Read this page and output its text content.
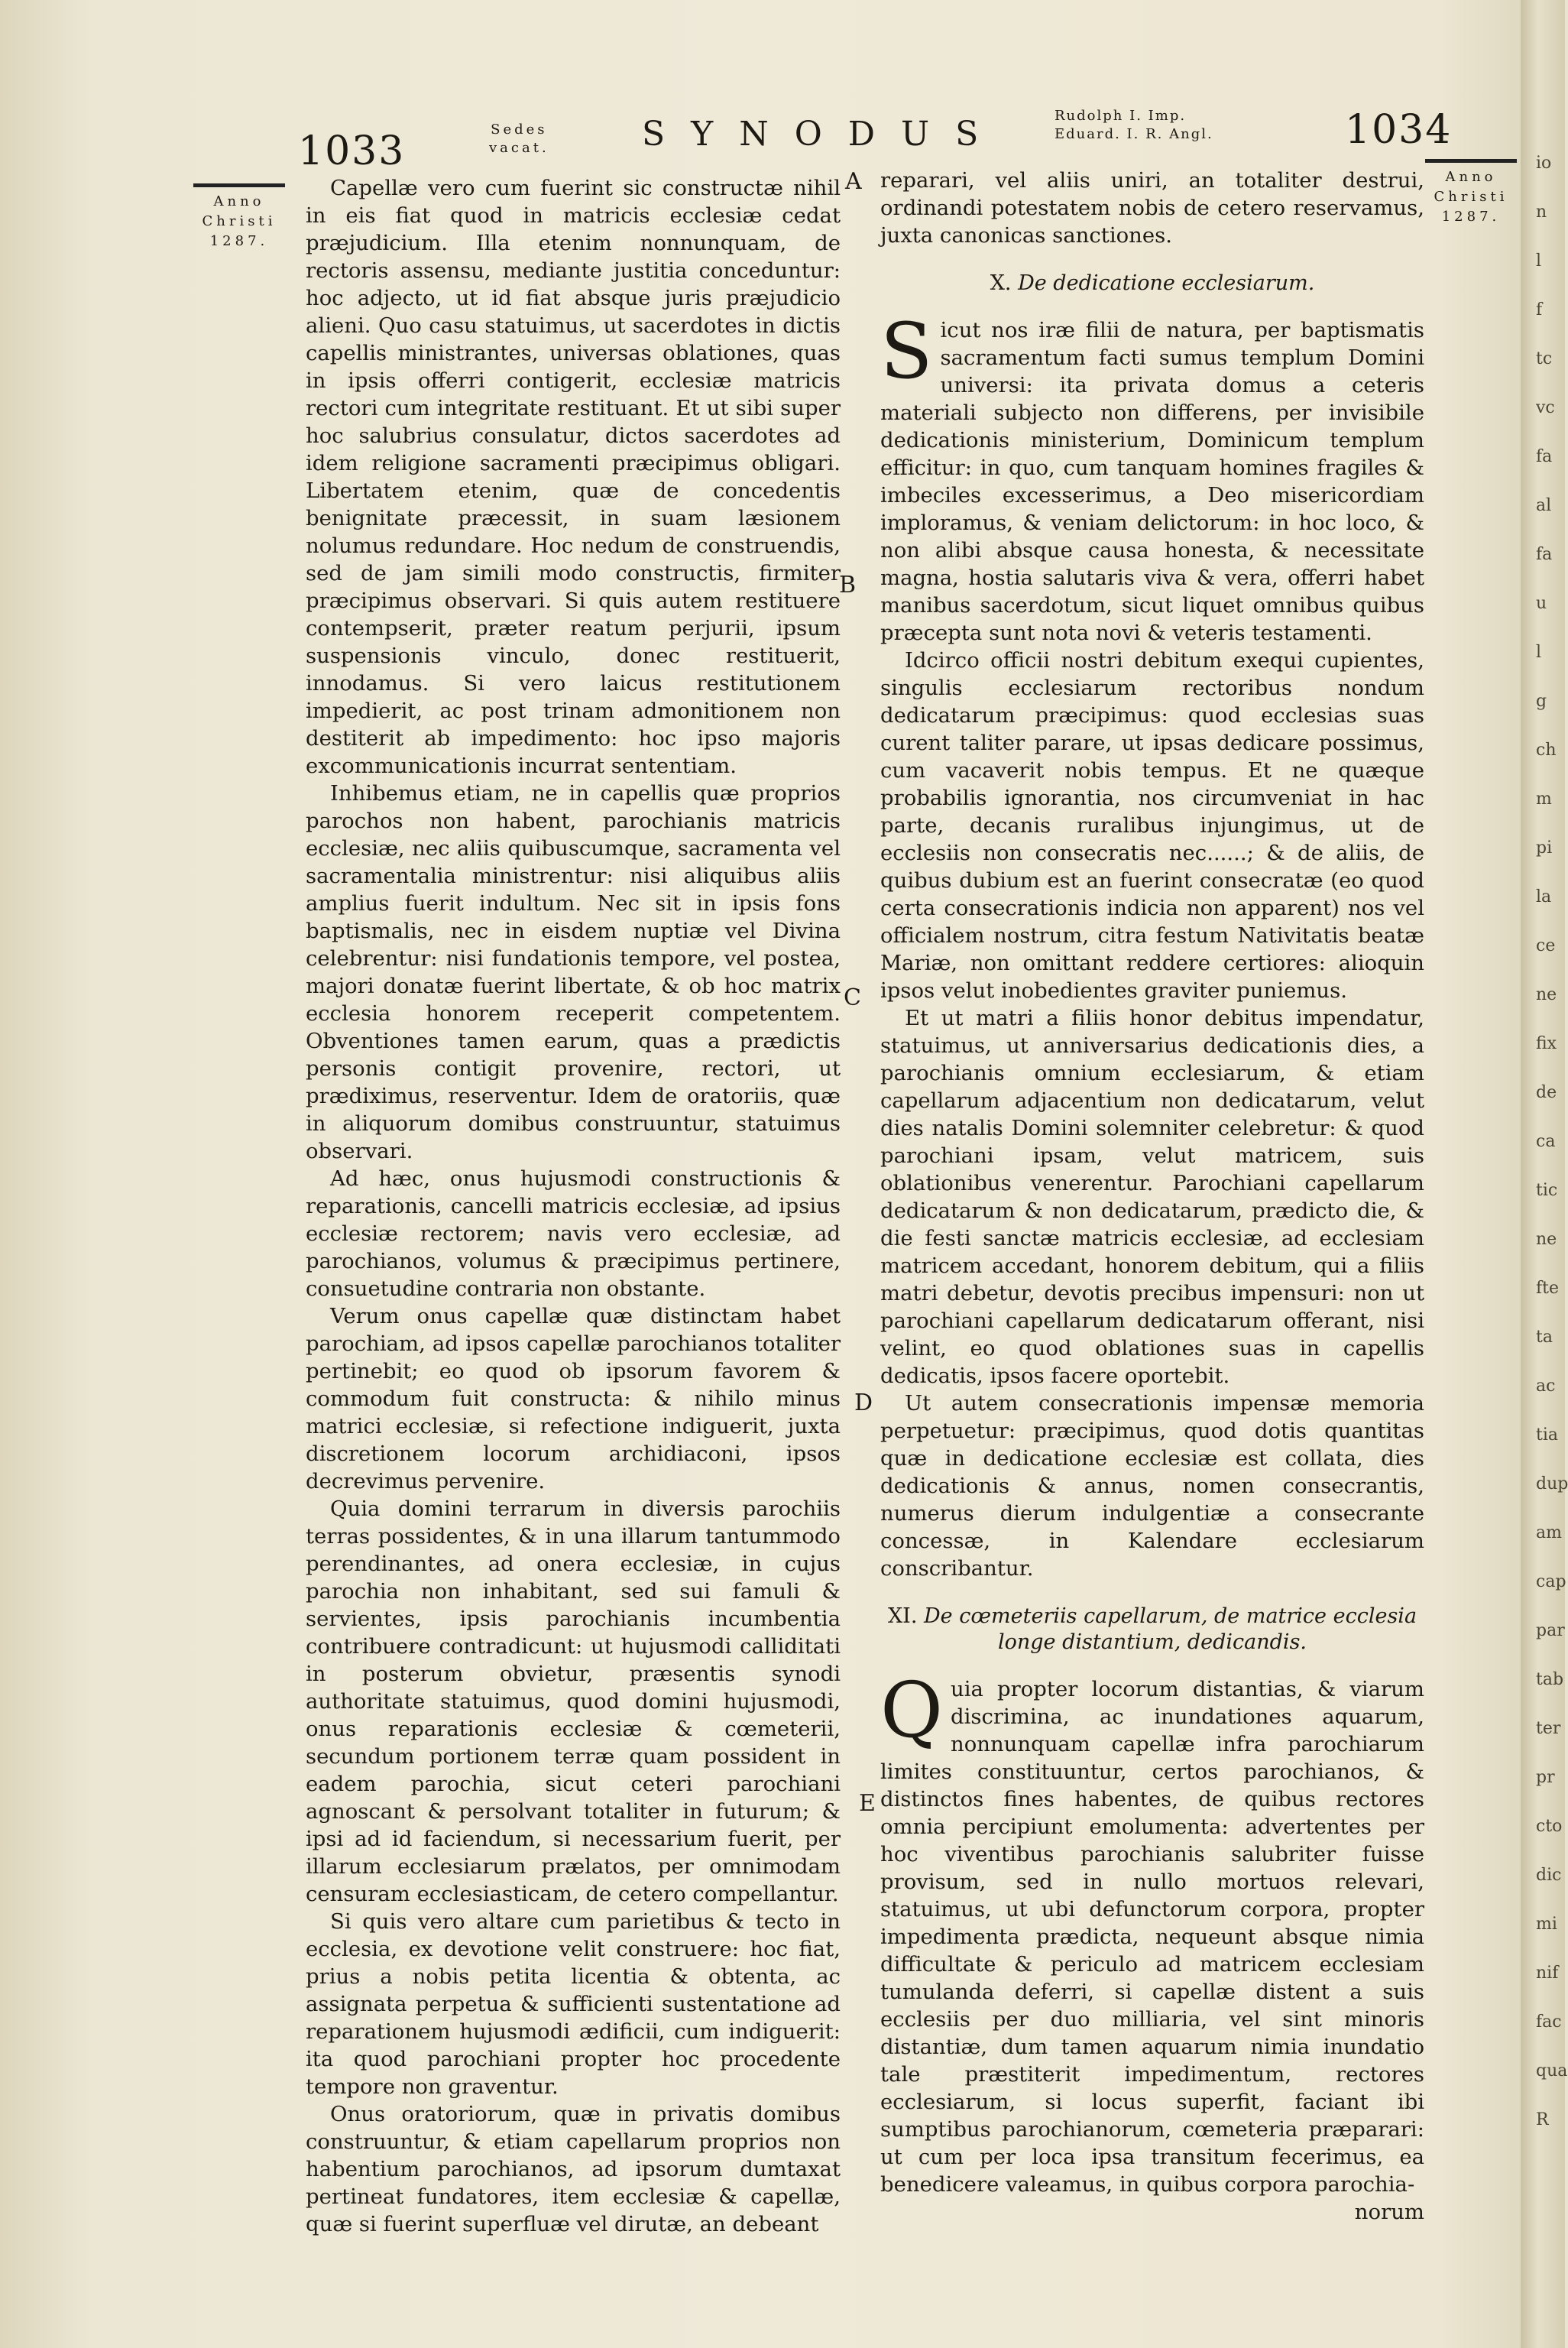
1033	Sedes
vacat.	SYNODUS	Rudolph I. Imp.
Eduard. I. R. Angl.	1034
Anno
Christi
1287.
Anno
Christi
1287.
A
B
C
D
E

Capellæ vero cum fuerint sic constructæ nihil in eis fiat quod in matricis ecclesiæ cedat præjudicium. Illa etenim nonnunquam, de rectoris assensu, mediante justitia conceduntur: hoc adjecto, ut id fiat absque juris præjudicio alieni. Quo casu statuimus, ut sacerdotes in dictis capellis ministrantes, universas oblationes, quas in ipsis offerri contigerit, ecclesiæ matricis rectori cum integritate restituant. Et ut sibi super hoc salubrius consulatur, dictos sacerdotes ad idem religione sacramenti præcipimus obligari. Libertatem etenim, quæ de concedentis benignitate præcessit, in suam læsionem nolumus redundare. Hoc nedum de construendis, sed de jam simili modo constructis, firmiter præcipimus observari. Si quis autem restituere contempserit, præter reatum perjurii, ipsum suspensionis vinculo, donec restituerit, innodamus. Si vero laicus restitutionem impedierit, ac post trinam admonitionem non destiterit ab impedimento: hoc ipso majoris excommunicationis incurrat sententiam.

Inhibemus etiam, ne in capellis quæ proprios parochos non habent, parochianis matricis ecclesiæ, nec aliis quibuscumque, sacramenta vel sacramentalia ministrentur: nisi aliquibus aliis amplius fuerit indultum. Nec sit in ipsis fons baptismalis, nec in eisdem nuptiæ vel Divina celebrentur: nisi fundationis tempore, vel postea, majori donatæ fuerint libertate, & ob hoc matrix ecclesia honorem receperit competentem. Obventiones tamen earum, quas a prædictis personis contigit provenire, rectori, ut prædiximus, reserventur. Idem de oratoriis, quæ in aliquorum domibus construuntur, statuimus observari.

Ad hæc, onus hujusmodi constructionis & reparationis, cancelli matricis ecclesiæ, ad ipsius ecclesiæ rectorem; navis vero ecclesiæ, ad parochianos, volumus & præcipimus pertinere, consuetudine contraria non obstante.

Verum onus capellæ quæ distinctam habet parochiam, ad ipsos capellæ parochianos totaliter pertinebit; eo quod ob ipsorum favorem & commodum fuit constructa: & nihilo minus matrici ecclesiæ, si refectione indiguerit, juxta discretionem locorum archidiaconi, ipsos decrevimus pervenire.

Quia domini terrarum in diversis parochiis terras possidentes, & in una illarum tantummodo perendinantes, ad onera ecclesiæ, in cujus parochia non inhabitant, sed sui famuli & servientes, ipsis parochianis incumbentia contribuere contradicunt: ut hujusmodi calliditati in posterum obvietur, præsentis synodi authoritate statuimus, quod domini hujusmodi, onus reparationis ecclesiæ & cœmeterii, secundum portionem terræ quam possident in eadem parochia, sicut ceteri parochiani agnoscant & persolvant totaliter in futurum; & ipsi ad id faciendum, si necessarium fuerit, per illarum ecclesiarum prælatos, per omnimodam censuram ecclesiasticam, de cetero compellantur.

Si quis vero altare cum parietibus & tecto in ecclesia, ex devotione velit construere: hoc fiat, prius a nobis petita licentia & obtenta, ac assignata perpetua & sufficienti sustentatione ad reparationem hujusmodi ædificii, cum indiguerit: ita quod parochiani propter hoc procedente tempore non graventur.

Onus oratoriorum, quæ in privatis domibus construuntur, & etiam capellarum proprios non habentium parochianos, ad ipsorum dumtaxat pertineat fundatores, item ecclesiæ & capellæ, quæ si fuerint superfluæ vel dirutæ, an debeant

reparari, vel aliis uniri, an totaliter destrui, ordinandi potestatem nobis de cetero reservamus, juxta canonicas sanctiones.

X. De dedicatione ecclesiarum.

Sicut nos iræ filii de natura, per baptismatis sacramentum facti sumus templum Domini universi: ita privata domus a ceteris materiali subjecto non differens, per invisibile dedicationis ministerium, Dominicum templum efficitur: in quo, cum tanquam homines fragiles & imbeciles excesserimus, a Deo misericordiam imploramus, & veniam delictorum: in hoc loco, & non alibi absque causa honesta, & necessitate magna, hostia salutaris viva & vera, offerri habet manibus sacerdotum, sicut liquet omnibus quibus præcepta sunt nota novi & veteris testamenti.

Idcirco officii nostri debitum exequi cupientes, singulis ecclesiarum rectoribus nondum dedicatarum præcipimus: quod ecclesias suas curent taliter parare, ut ipsas dedicare possimus, cum vacaverit nobis tempus. Et ne quæque probabilis ignorantia, nos circumveniat in hac parte, decanis ruralibus injungimus, ut de ecclesiis non consecratis nec......; & de aliis, de quibus dubium est an fuerint consecratæ (eo quod certa consecrationis indicia non apparent) nos vel officialem nostrum, citra festum Nativitatis beatæ Mariæ, non omittant reddere certiores: alioquin ipsos velut inobedientes graviter puniemus.

Et ut matri a filiis honor debitus impendatur, statuimus, ut anniversarius dedicationis dies, a parochianis omnium ecclesiarum, & etiam capellarum adjacentium non dedicatarum, velut dies natalis Domini solemniter celebretur: & quod parochiani ipsam, velut matricem, suis oblationibus venerentur. Parochiani capellarum dedicatarum & non dedicatarum, prædicto die, & die festi sanctæ matricis ecclesiæ, ad ecclesiam matricem accedant, honorem debitum, qui a filiis matri debetur, devotis precibus impensuri: non ut parochiani capellarum dedicatarum offerant, nisi velint, eo quod oblationes suas in capellis dedicatis, ipsos facere oportebit.

Ut autem consecrationis impensæ memoria perpetuetur: præcipimus, quod dotis quantitas quæ in dedicatione ecclesiæ est collata, dies dedicationis & annus, nomen consecrantis, numerus dierum indulgentiæ a consecrante concessæ, in Kalendare ecclesiarum conscribantur.

XI. De cœmeteriis capellarum, de matrice ecclesia
longe distantium, dedicandis.

Quia propter locorum distantias, & viarum discrimina, ac inundationes aquarum, nonnunquam capellæ infra parochiarum limites constituuntur, certos parochianos, & distinctos fines habentes, de quibus rectores omnia percipiunt emolumenta: advertentes per hoc viventibus parochianis salubriter fuisse provisum, sed in nullo mortuos relevari, statuimus, ut ubi defunctorum corpora, propter impedimenta prædicta, nequeunt absque nimia difficultate & periculo ad matricem ecclesiam tumulanda deferri, si capellæ distent a suis ecclesiis per duo milliaria, vel sint minoris distantiæ, dum tamen aquarum nimia inundatio tale præstiterit impedimentum, rectores ecclesiarum, si locus superfit, faciant ibi sumptibus parochianorum, cœmeteria præparari: ut cum per loca ipsa transitum fecerimus, ea benedicere valeamus, in quibus corpora parochia-

norum

io
n
l
f
tc
vc
fa
al
fa
u
l
g
ch
m
pi
la
ce
ne
fix
de
ca
tic
ne
fte
ta
ac
tia
dup
am
cap
par
tab
ter
pr
cto
dic
mi
nif
fac
qua
R
